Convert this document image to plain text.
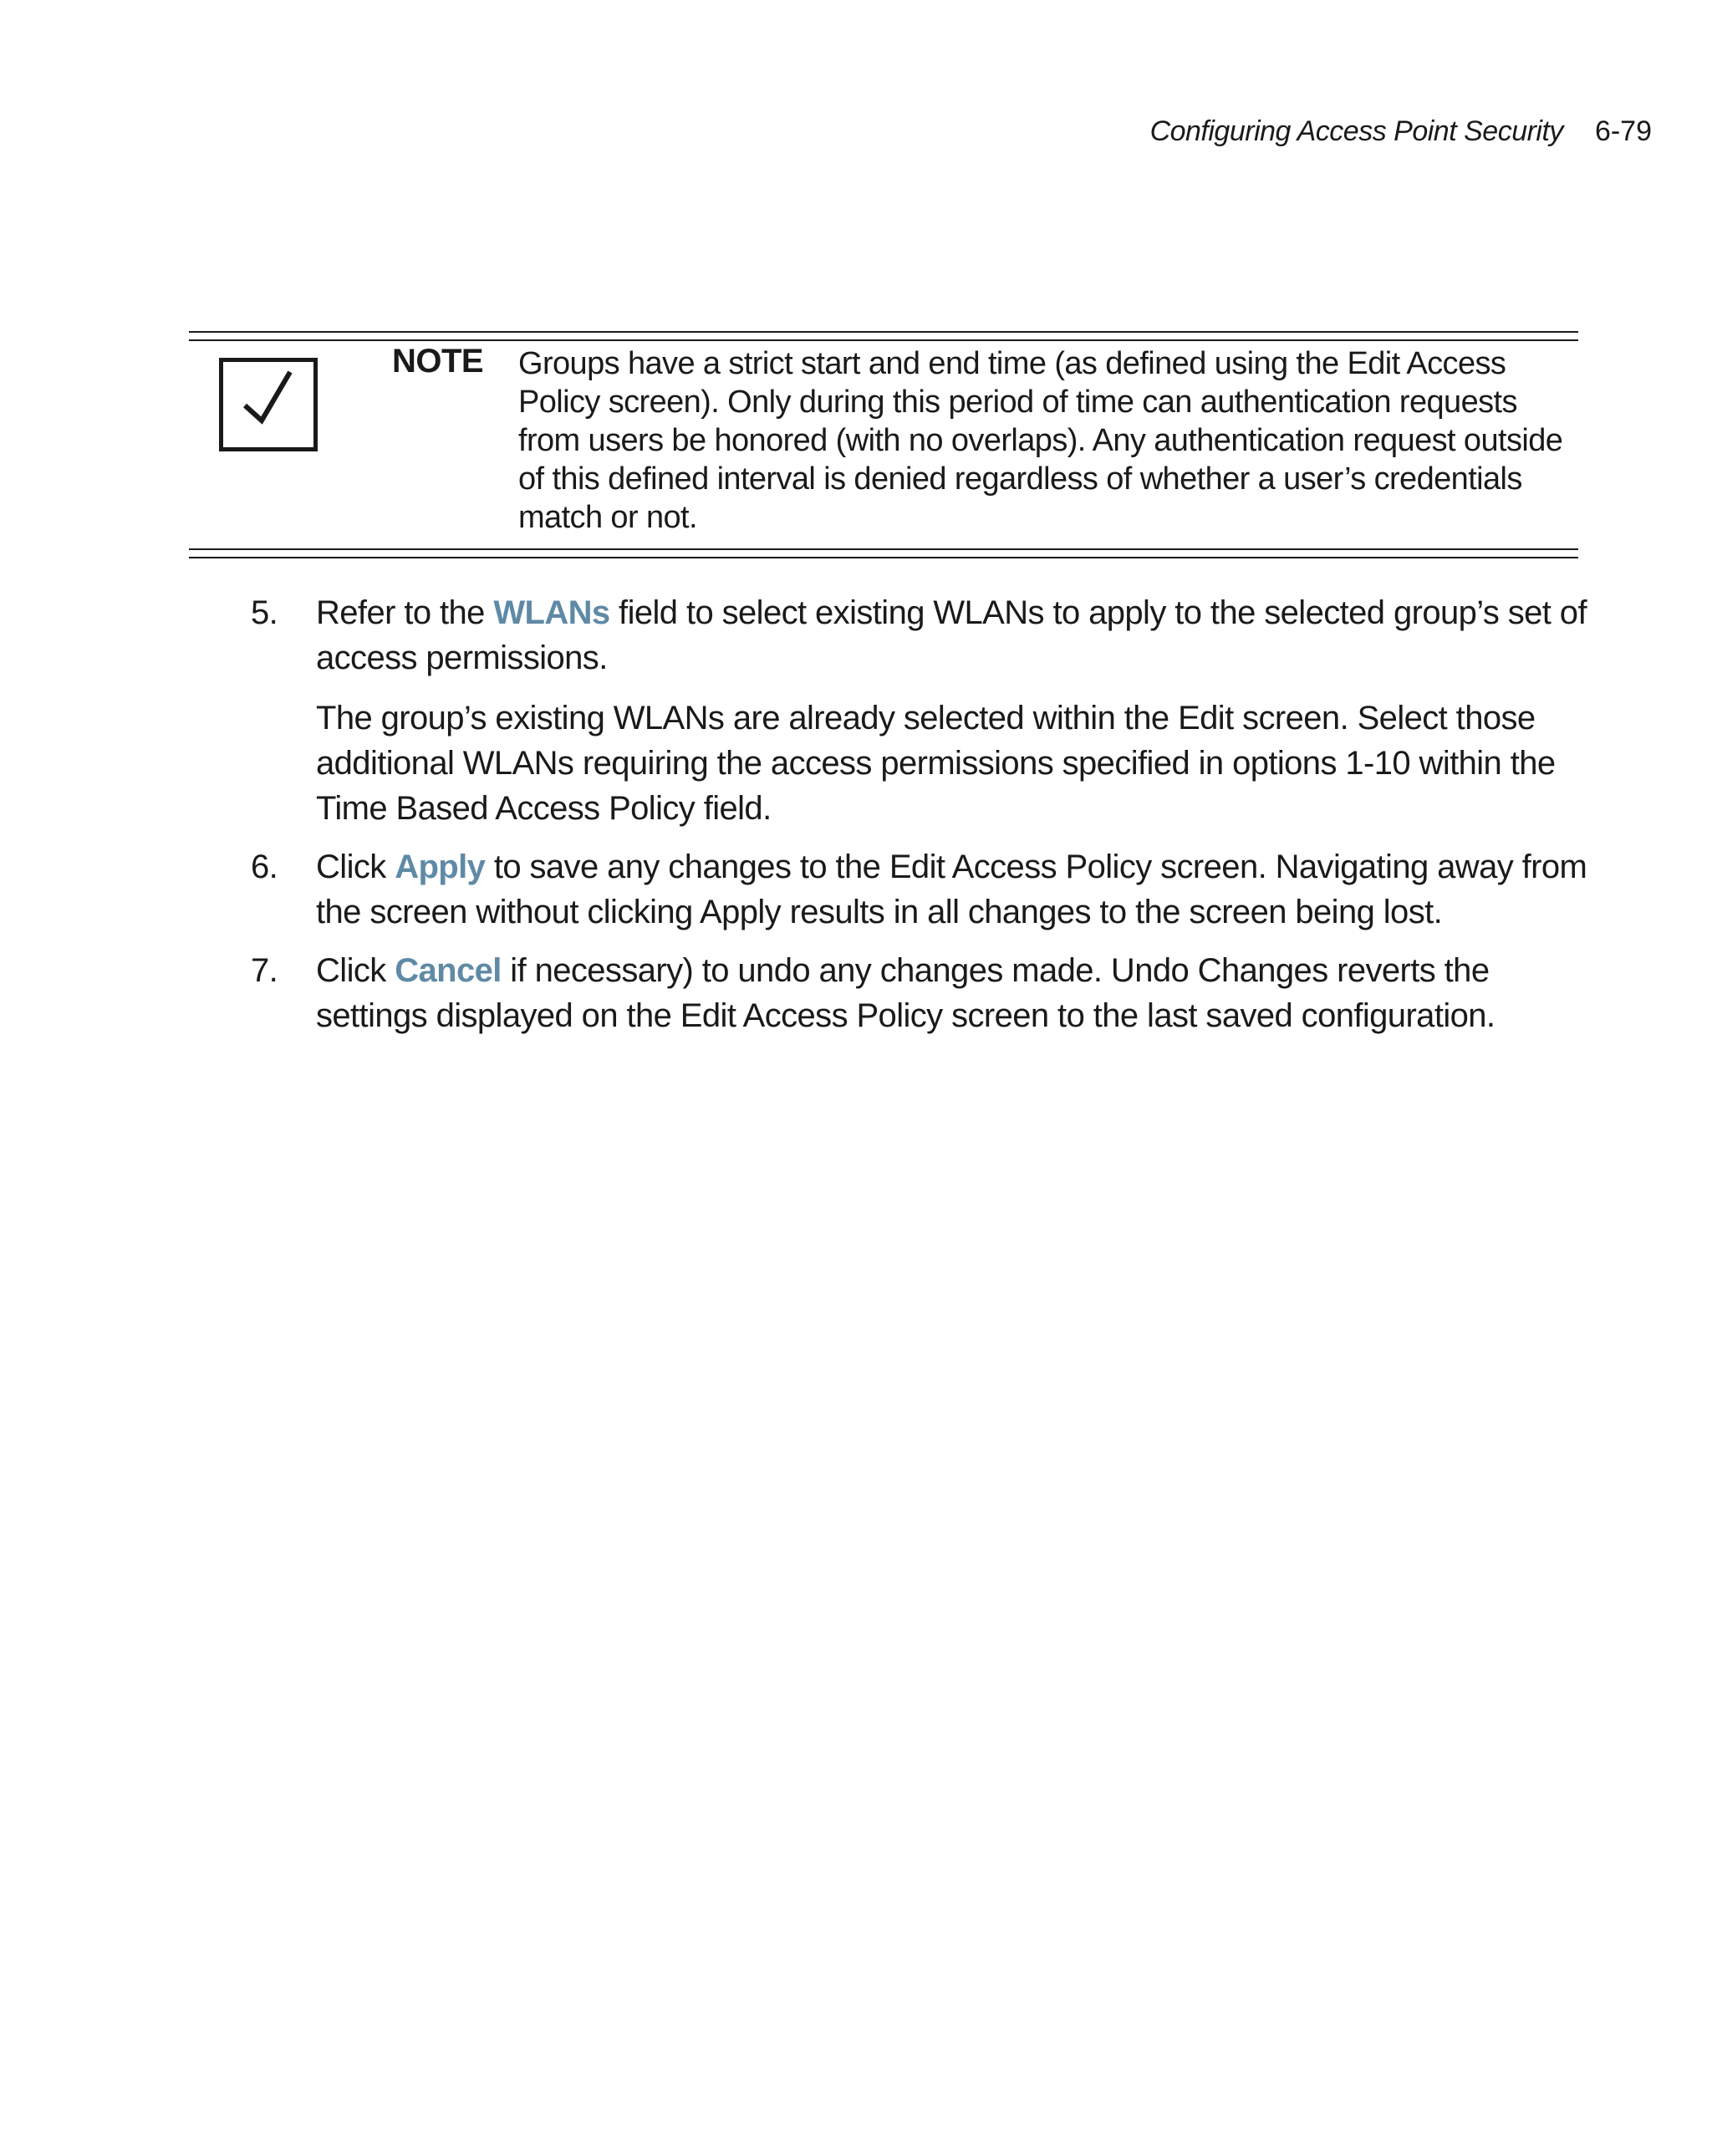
Configuring Access Point Security 6-79
NOTE Groups have a strict start and end time (as defined using the Edit Access Policy screen). Only during this period of time can authentication requests from users be honored (with no overlaps). Any authentication request outside of this defined interval is denied regardless of whether a user’s credentials match or not.
5. Refer to the WLANs field to select existing WLANs to apply to the selected group’s set of access permissions.

The group’s existing WLANs are already selected within the Edit screen. Select those additional WLANs requiring the access permissions specified in options 1-10 within the Time Based Access Policy field.

6. Click Apply to save any changes to the Edit Access Policy screen. Navigating away from the screen without clicking Apply results in all changes to the screen being lost.

7. Click Cancel if necessary) to undo any changes made. Undo Changes reverts the settings displayed on the Edit Access Policy screen to the last saved configuration.
